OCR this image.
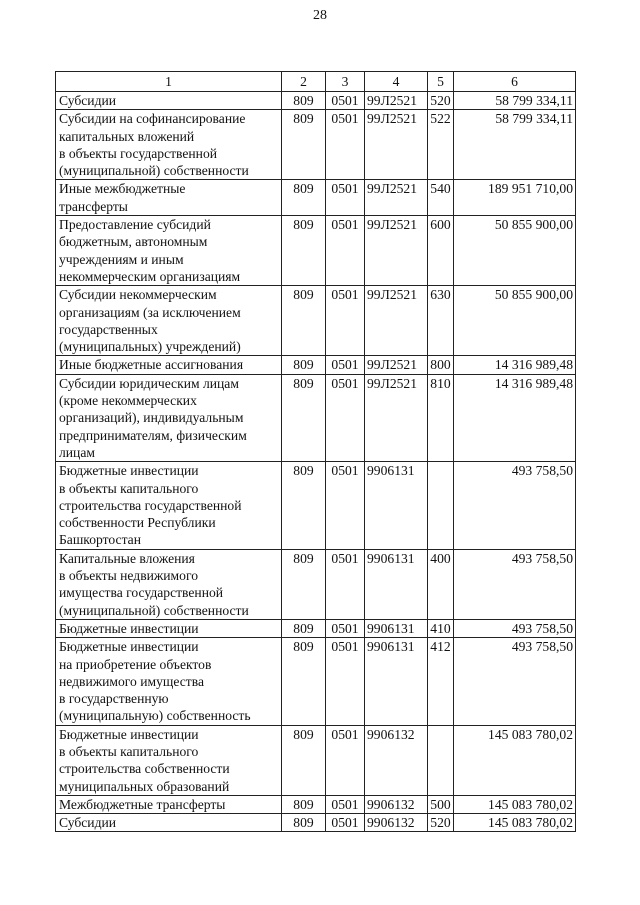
28
1	2	3	4	5	6

Субсидии	809	0501	99Л2521	520	58 799 334,11

Субсидии на софинансирование
капитальных вложений
в объекты государственной
(муниципальной) собственности	809	0501	99Л2521	522	58 799 334,11

Иные межбюджетные
трансферты	809	0501	99Л2521	540	189 951 710,00

Предоставление субсидий
бюджетным, автономным
учреждениям и иным
некоммерческим организациям	809	0501	99Л2521	600	50 855 900,00

Субсидии некоммерческим
организациям (за исключением
государственных
(муниципальных) учреждений)	809	0501	99Л2521	630	50 855 900,00

Иные бюджетные ассигнования	809	0501	99Л2521	800	14 316 989,48

Субсидии юридическим лицам
(кроме некоммерческих
организаций), индивидуальным
предпринимателям, физическим
лицам	809	0501	99Л2521	810	14 316 989,48

Бюджетные инвестиции
в объекты капитального
строительства государственной
собственности Республики
Башкортостан	809	0501	9906131		493 758,50

Капитальные вложения
в объекты недвижимого
имущества государственной
(муниципальной) собственности	809	0501	9906131	400	493 758,50

Бюджетные инвестиции	809	0501	9906131	410	493 758,50

Бюджетные инвестиции
на приобретение объектов
недвижимого имущества
в государственную
(муниципальную) собственность	809	0501	9906131	412	493 758,50

Бюджетные инвестиции
в объекты капитального
строительства собственности
муниципальных образований	809	0501	9906132		145 083 780,02

Межбюджетные трансферты	809	0501	9906132	500	145 083 780,02

Субсидии	809	0501	9906132	520	145 083 780,02
